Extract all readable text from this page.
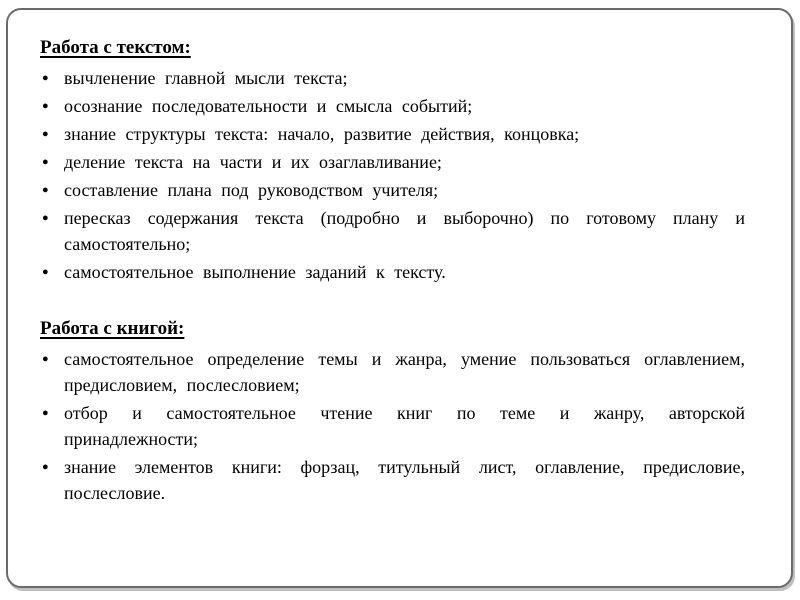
Работа с текстом:
● вычленение главной мысли текста;
● осознание последовательности и смысла событий;
● знание структуры текста: начало, развитие действия, концовка;
● деление текста на части и их озаглавливание;
● составление плана под руководством учителя;
● пересказ содержания текста (подробно и выборочно) по готовому плану и самостоятельно;
● самостоятельное выполнение заданий к тексту.
Работа с книгой:
● самостоятельное определение темы и жанра, умение пользоваться оглавлением, предисловием, послесловием;
● отбор и самостоятельное чтение книг по теме и жанру, авторской принадлежности;
● знание элементов книги: форзац, титульный лист, оглавление, предисловие, послесловие.
